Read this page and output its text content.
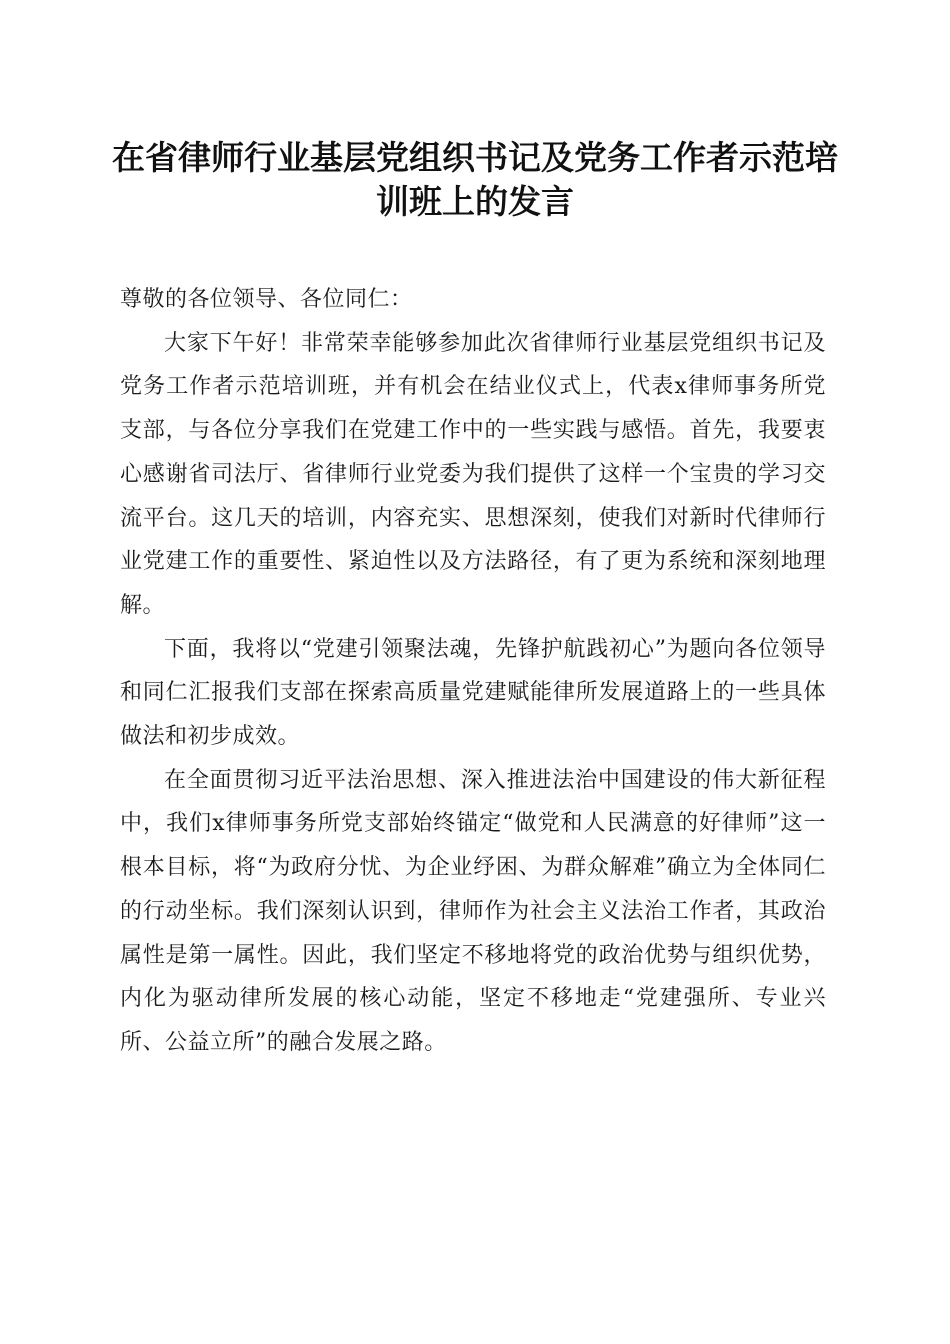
在省律师行业基层党组织书记及党务工作者示范培训班上的发言

尊敬的各位领导、各位同仁：

大家下午好！非常荣幸能够参加此次省律师行业基层党组织书记及党务工作者示范培训班，并有机会在结业仪式上，代表x律师事务所党支部，与各位分享我们在党建工作中的一些实践与感悟。首先，我要衷心感谢省司法厅、省律师行业党委为我们提供了这样一个宝贵的学习交流平台。这几天的培训，内容充实、思想深刻，使我们对新时代律师行业党建工作的重要性、紧迫性以及方法路径，有了更为系统和深刻地理解。

下面，我将以“党建引领聚法魂，先锋护航践初心”为题向各位领导和同仁汇报我们支部在探索高质量党建赋能律所发展道路上的一些具体做法和初步成效。

在全面贯彻习近平法治思想、深入推进法治中国建设的伟大新征程中，我们x律师事务所党支部始终锚定“做党和人民满意的好律师”这一根本目标，将“为政府分忧、为企业纾困、为群众解难”确立为全体同仁的行动坐标。我们深刻认识到，律师作为社会主义法治工作者，其政治属性是第一属性。因此，我们坚定不移地将党的政治优势与组织优势，内化为驱动律所发展的核心动能，坚定不移地走“党建强所、专业兴所、公益立所”的融合发展之路。
